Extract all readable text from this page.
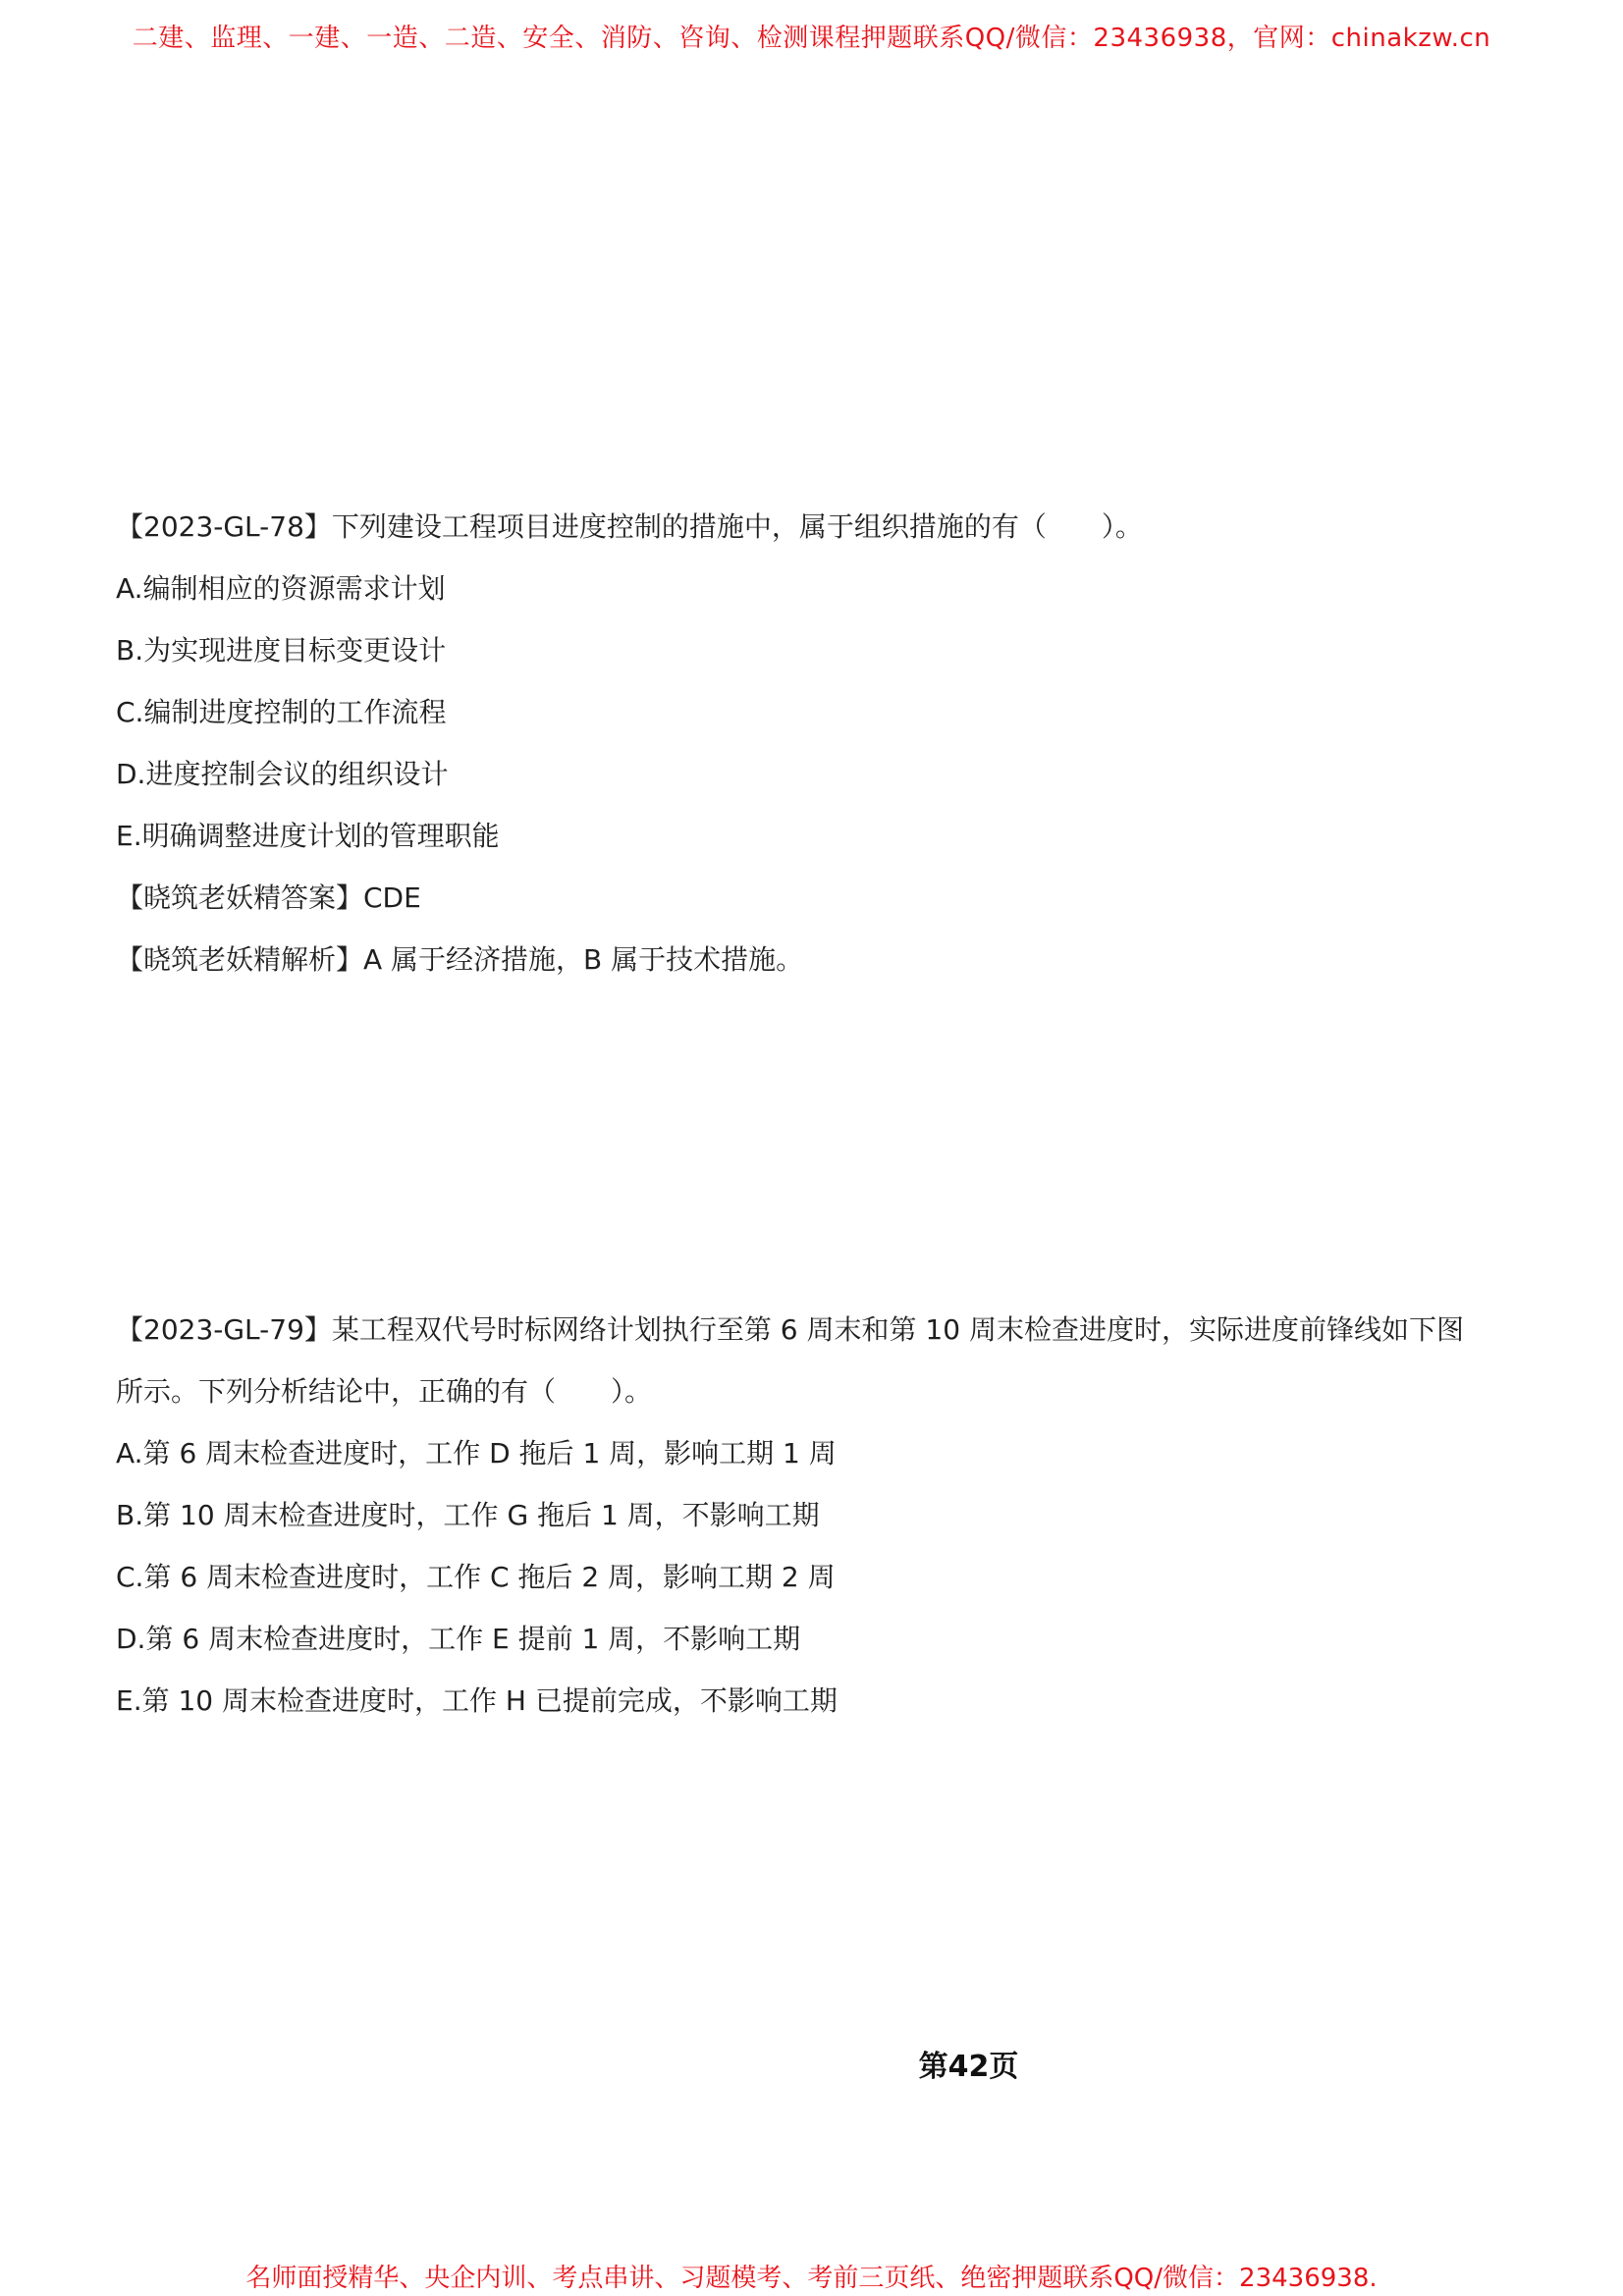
二建、监理、一建、一造、二造、安全、消防、咨询、检测课程押题联系QQ/微信：23436938，官网：chinakzw.cn
【2023-GL-78】下列建设工程项目进度控制的措施中，属于组织措施的有（　　）。
A.编制相应的资源需求计划
B.为实现进度目标变更设计
C.编制进度控制的工作流程
D.进度控制会议的组织设计
E.明确调整进度计划的管理职能
【晓筑老妖精答案】CDE
【晓筑老妖精解析】A 属于经济措施，B 属于技术措施。
【2023-GL-79】某工程双代号时标网络计划执行至第 6 周末和第 10 周末检查进度时，实际进度前锋线如下图
所示。下列分析结论中，正确的有（　　）。
A.第 6 周末检查进度时，工作 D 拖后 1 周，影响工期 1 周
B.第 10 周末检查进度时，工作 G 拖后 1 周，不影响工期
C.第 6 周末检查进度时，工作 C 拖后 2 周，影响工期 2 周
D.第 6 周末检查进度时，工作 E 提前 1 周，不影响工期
E.第 10 周末检查进度时，工作 H 已提前完成，不影响工期
第42页
名师面授精华、央企内训、考点串讲、习题模考、考前三页纸、绝密押题联系QQ/微信：23436938.
